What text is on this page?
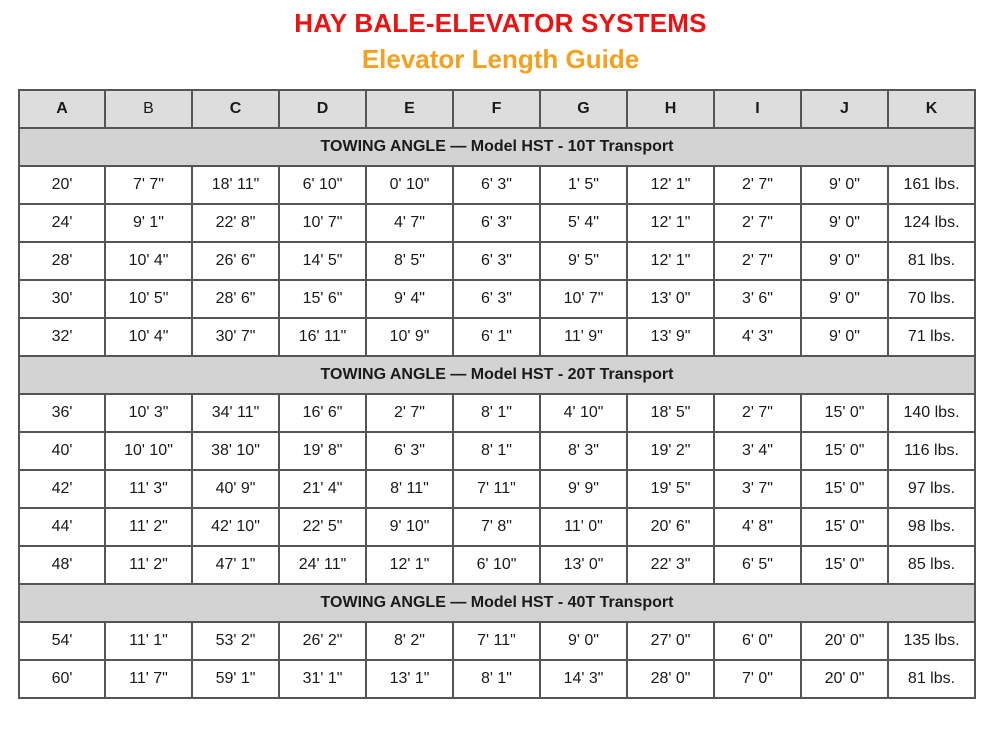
HAY BALE-ELEVATOR SYSTEMS
Elevator Length Guide
A	B	C	D	E	F	G	H	I	J	K
TOWING ANGLE — Model HST - 10T Transport										
20'	7' 7"	18' 11"	6' 10"	0' 10"	6' 3"	1' 5"	12' 1"	2' 7"	9' 0"	161 lbs.
24'	9' 1"	22' 8"	10' 7"	4' 7"	6' 3"	5' 4"	12' 1"	2' 7"	9' 0"	124 lbs.
28'	10' 4"	26' 6"	14' 5"	8' 5"	6' 3"	9' 5"	12' 1"	2' 7"	9' 0"	81 lbs.
30'	10' 5"	28' 6"	15' 6"	9' 4"	6' 3"	10' 7"	13' 0"	3' 6"	9' 0"	70 lbs.
32'	10' 4"	30' 7"	16' 11"	10' 9"	6' 1"	11' 9"	13' 9"	4' 3"	9' 0"	71 lbs.
TOWING ANGLE — Model HST - 20T Transport										
36'	10' 3"	34' 11"	16' 6"	2' 7"	8' 1"	4' 10"	18' 5"	2' 7"	15' 0"	140 lbs.
40'	10' 10"	38' 10"	19' 8"	6' 3"	8' 1"	8' 3"	19' 2"	3' 4"	15' 0"	116 lbs.
42'	11' 3"	40' 9"	21' 4"	8' 11"	7' 11"	9' 9"	19' 5"	3' 7"	15' 0"	97 lbs.
44'	11' 2"	42' 10"	22' 5"	9' 10"	7' 8"	11' 0"	20' 6"	4' 8"	15' 0"	98 lbs.
48'	11' 2"	47' 1"	24' 11"	12' 1"	6' 10"	13' 0"	22' 3"	6' 5"	15' 0"	85 lbs.
TOWING ANGLE — Model HST - 40T Transport										
54'	11' 1"	53' 2"	26' 2"	8' 2"	7' 11"	9' 0"	27' 0"	6' 0"	20' 0"	135 lbs.
60'	11' 7"	59' 1"	31' 1"	13' 1"	8' 1"	14' 3"	28' 0"	7' 0"	20' 0"	81 lbs.
